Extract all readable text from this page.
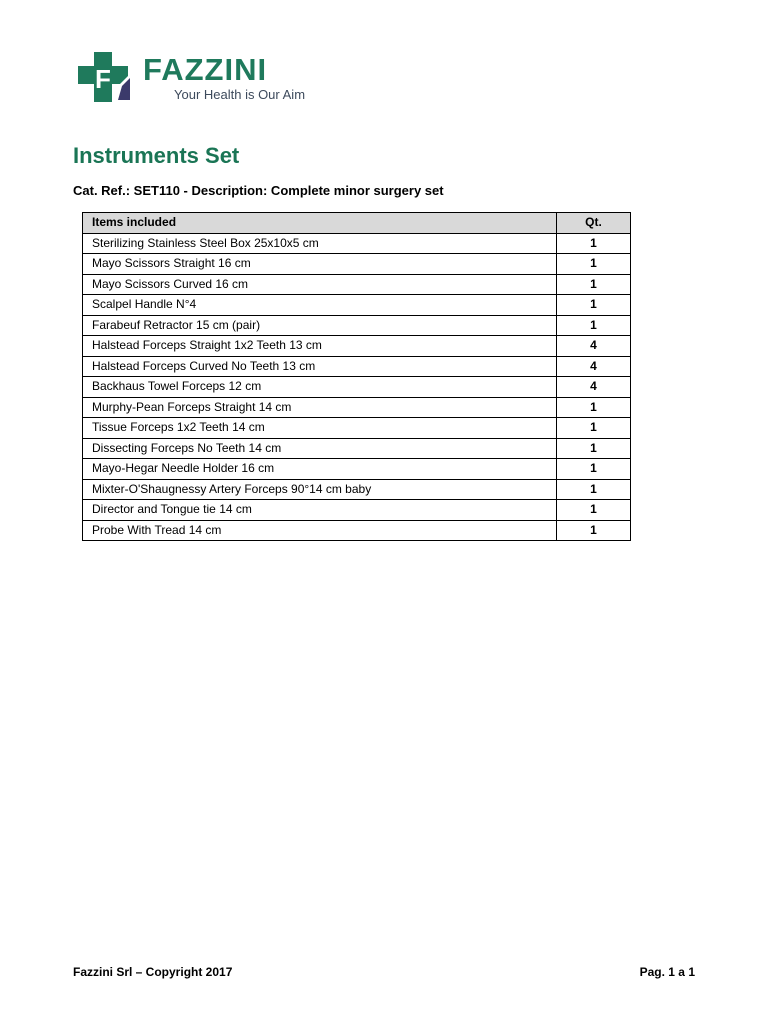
F FAZZINI
Your Health is Our Aim
Instruments Set
Cat. Ref.: SET110 - Description: Complete minor surgery set
Items included	Qt.
Sterilizing Stainless Steel Box 25x10x5 cm	1
Mayo Scissors Straight 16 cm	1
Mayo Scissors Curved 16 cm	1
Scalpel Handle N°4	1
Farabeuf Retractor 15 cm (pair)	1
Halstead Forceps Straight 1x2 Teeth 13 cm	4
Halstead Forceps Curved No Teeth 13 cm	4
Backhaus Towel Forceps 12 cm	4
Murphy-Pean Forceps Straight 14 cm	1
Tissue Forceps 1x2 Teeth 14 cm	1
Dissecting Forceps No Teeth 14 cm	1
Mayo-Hegar Needle Holder 16 cm	1
Mixter-O'Shaugnessy Artery Forceps 90°14 cm baby	1
Director and Tongue tie 14 cm	1
Probe With Tread 14 cm	1
Fazzini Srl – Copyright 2017	Pag. 1 a 1
